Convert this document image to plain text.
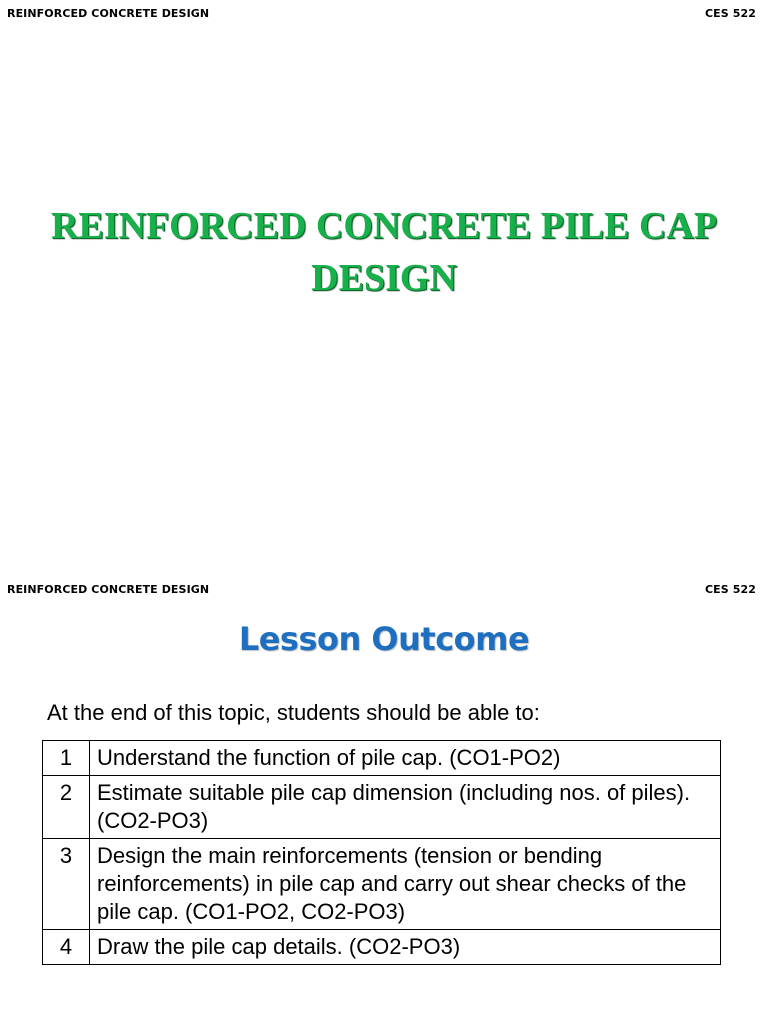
REINFORCED CONCRETE DESIGN	CES 522
REINFORCED CONCRETE PILE CAP
DESIGN
REINFORCED CONCRETE DESIGN	CES 522
Lesson Outcome
At the end of this topic, students should be able to:
1	Understand the function of pile cap. (CO1-PO2)
2	Estimate suitable pile cap dimension (including nos. of piles). (CO2-PO3)
3	Design the main reinforcements (tension or bending reinforcements) in pile cap and carry out shear checks of the pile cap. (CO1-PO2, CO2-PO3)
4	Draw the pile cap details. (CO2-PO3)
